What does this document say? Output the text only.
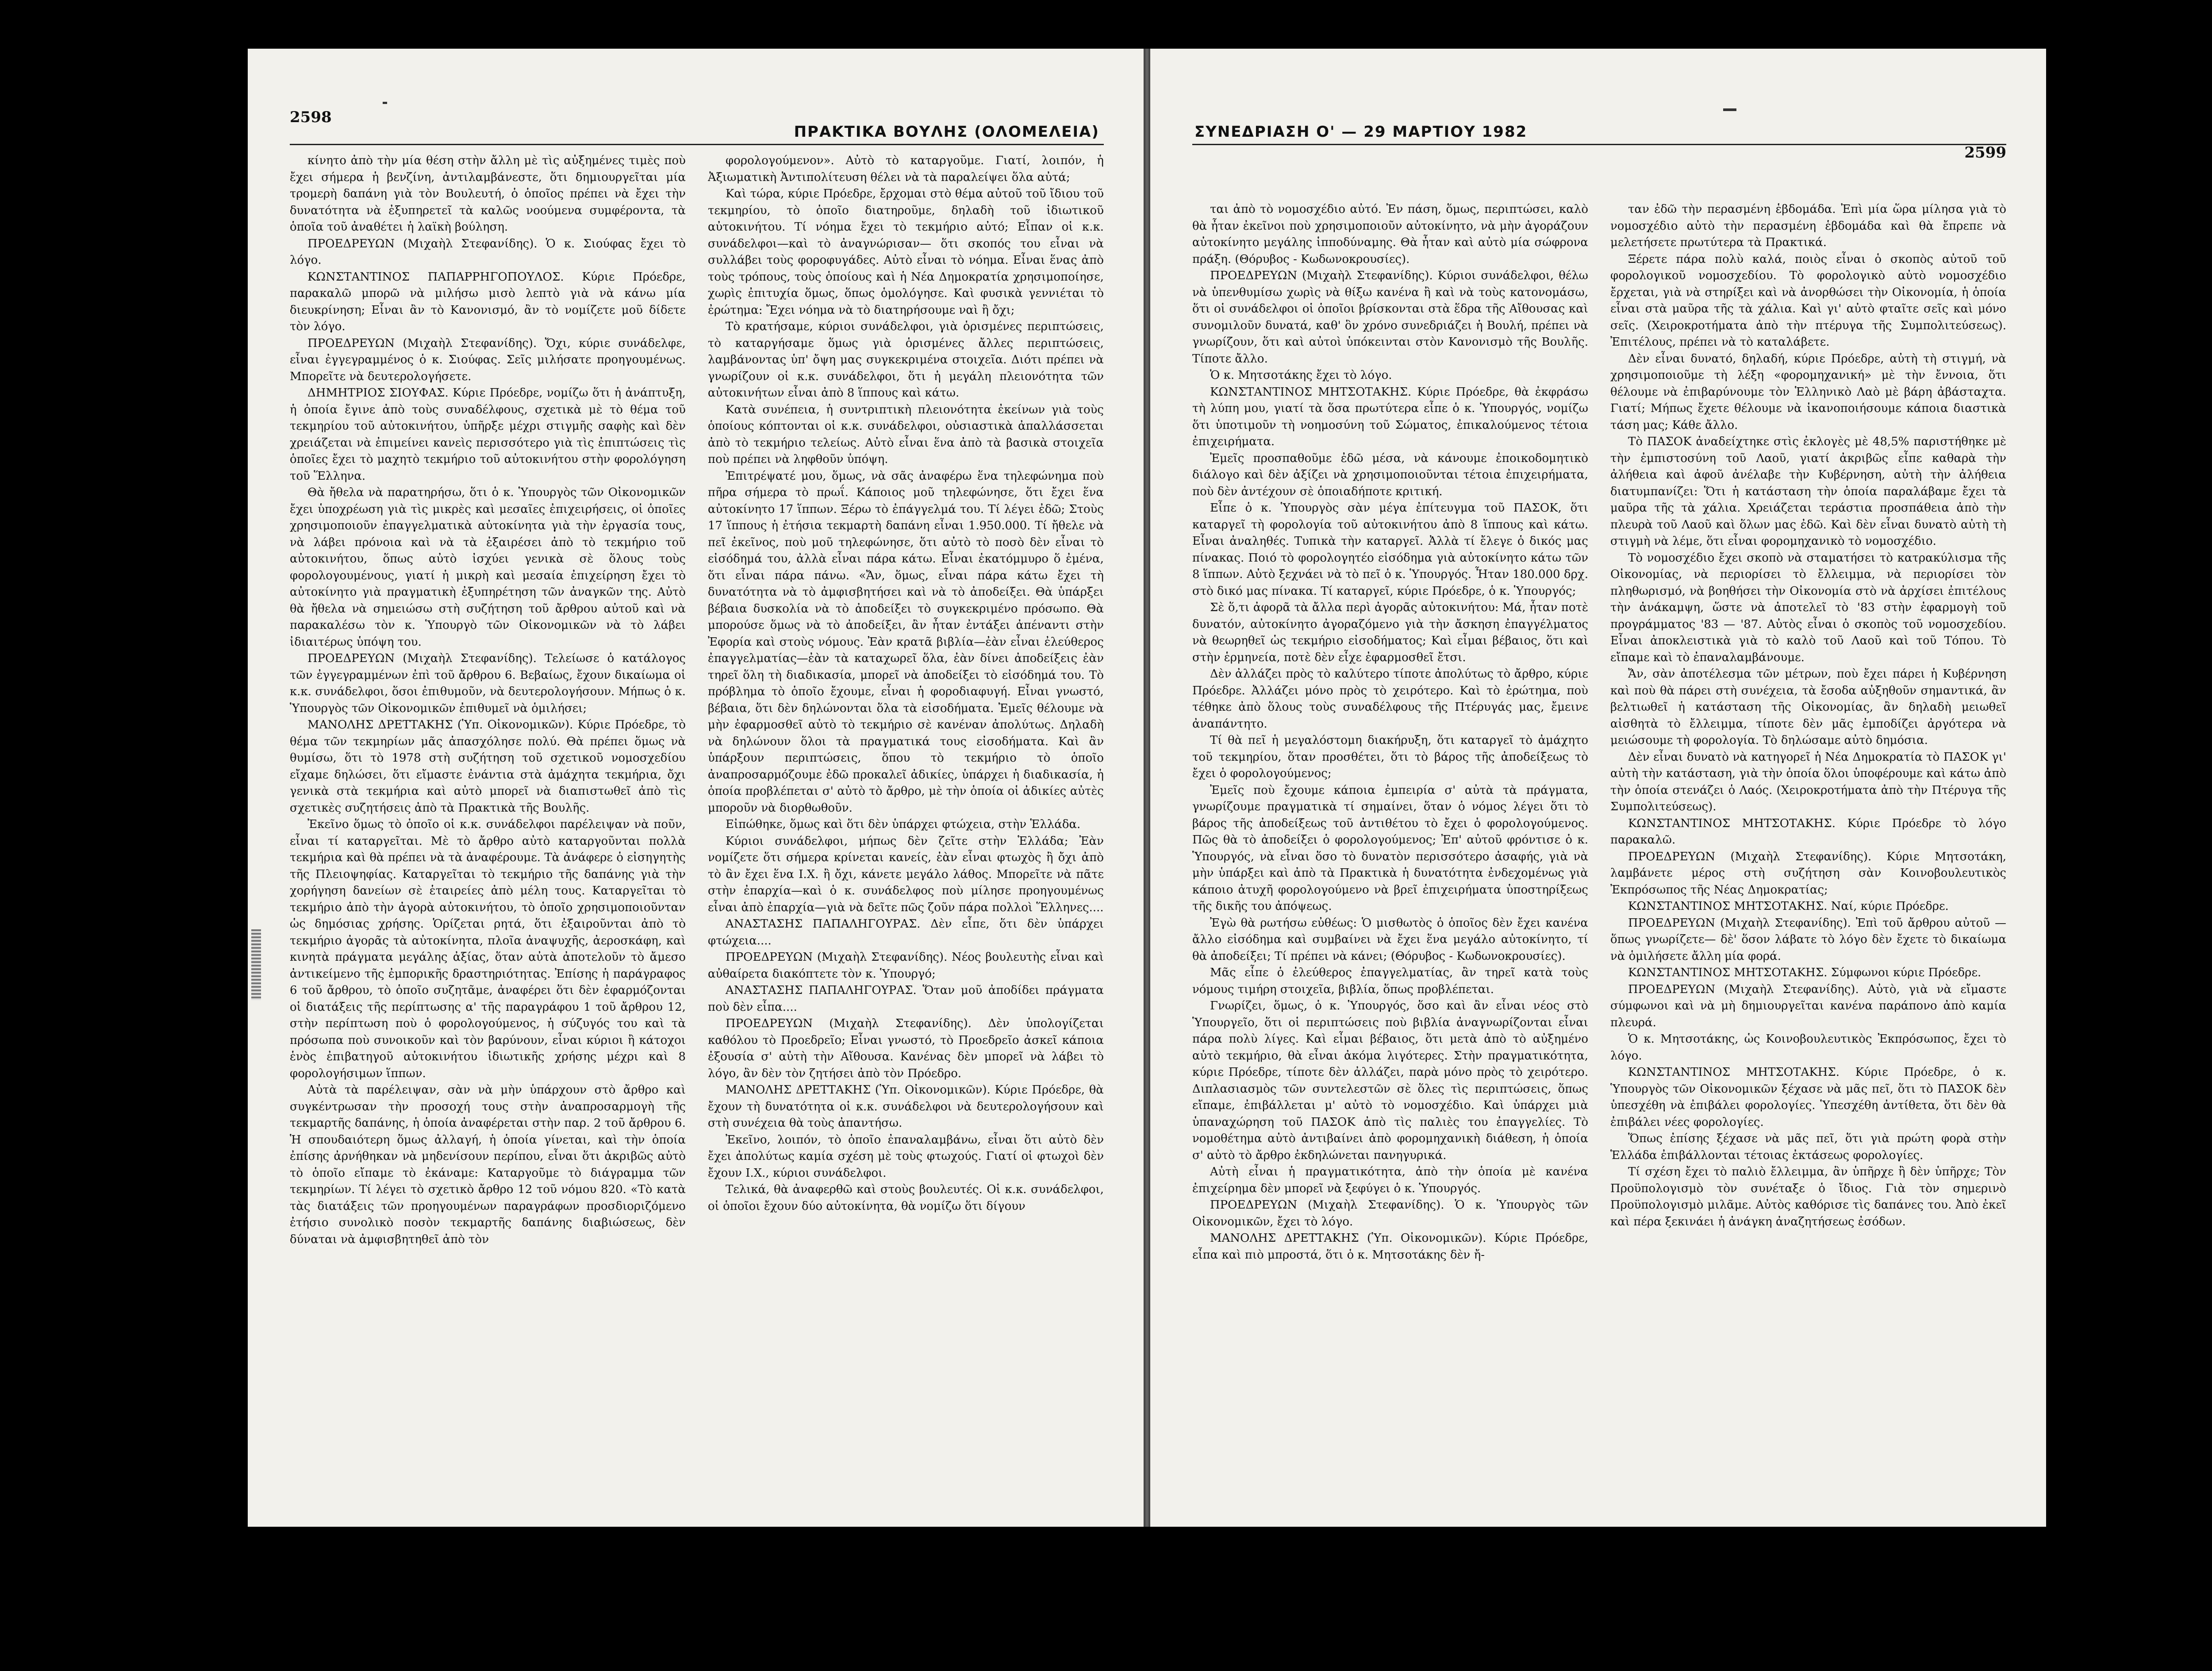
2598
ΠΡΑΚΤΙΚΑ ΒΟΥΛΗΣ (ΟΛΟΜΕΛΕΙΑ)

κίνητο ἀπὸ τὴν μία θέση στὴν ἄλλη μὲ τὶς αὐξημένες τιμὲς ποὺ ἔχει σήμερα ἡ βενζίνη, ἀντιλαμβάνεστε, ὅτι δημιουργεῖται μία τρομερὴ δαπάνη γιὰ τὸν Βουλευτή, ὁ ὁποῖος πρέπει νὰ ἔχει τὴν δυνατότητα νὰ ἐξυπηρετεῖ τὰ καλῶς νοούμενα συμφέροντα, τὰ ὁποῖα τοῦ ἀναθέτει ἡ λαϊκὴ βούληση.

ΠΡΟΕΔΡΕΥΩΝ (Μιχαὴλ Στεφανίδης). Ὁ κ. Σιούφας ἔχει τὸ λόγο.

ΚΩΝΣΤΑΝΤΙΝΟΣ ΠΑΠΑΡΡΗΓΟΠΟΥΛΟΣ. Κύριε Πρόεδρε, παρακαλῶ μπορῶ νὰ μιλήσω μισὸ λεπτὸ γιὰ νὰ κάνω μία διευκρίνηση; Εἶναι ἂν τὸ Κανονισμό, ἂν τὸ νομίζετε μοῦ δίδετε τὸν λόγο.

ΠΡΟΕΔΡΕΥΩΝ (Μιχαὴλ Στεφανίδης). Ὄχι, κύριε συνάδελφε, εἶναι ἐγγεγραμμένος ὁ κ. Σιούφας. Σεῖς μιλήσατε προηγουμένως. Μπορεῖτε νὰ δευτερολογήσετε.

ΔΗΜΗΤΡΙΟΣ ΣΙΟΥΦΑΣ. Κύριε Πρόεδρε, νομίζω ὅτι ἡ ἀνάπτυξη, ἡ ὁποία ἔγινε ἀπὸ τοὺς συναδέλφους, σχετικὰ μὲ τὸ θέμα τοῦ τεκμηρίου τοῦ αὐτοκινήτου, ὑπῆρξε μέχρι στιγμῆς σαφὴς καὶ δὲν χρειάζεται νὰ ἐπιμείνει κανεὶς περισσότερο γιὰ τὶς ἐπιπτώσεις τὶς ὁποῖες ἔχει τὸ μαχητὸ τεκμήριο τοῦ αὐτοκινήτου στὴν φορολόγηση τοῦ Ἕλληνα.

Θὰ ἤθελα νὰ παρατηρήσω, ὅτι ὁ κ. Ὑπουργὸς τῶν Οἰκονομικῶν ἔχει ὑποχρέωση γιὰ τὶς μικρὲς καὶ μεσαῖες ἐπιχειρήσεις, οἱ ὁποῖες χρησιμοποιοῦν ἐπαγγελματικὰ αὐτοκίνητα γιὰ τὴν ἐργασία τους, νὰ λάβει πρόνοια καὶ νὰ τὰ ἐξαιρέσει ἀπὸ τὸ τεκμήριο τοῦ αὐτοκινήτου, ὅπως αὐτὸ ἰσχύει γενικὰ σὲ ὅλους τοὺς φορολογουμένους, γιατί ἡ μικρὴ καὶ μεσαία ἐπιχείρηση ἔχει τὸ αὐτοκίνητο γιὰ πραγματικὴ ἐξυπηρέτηση τῶν ἀναγκῶν της. Αὐτὸ θὰ ἤθελα νὰ σημειώσω στὴ συζήτηση τοῦ ἄρθρου αὐτοῦ καὶ νὰ παρακαλέσω τὸν κ. Ὑπουργὸ τῶν Οἰκονομικῶν νὰ τὸ λάβει ἰδιαιτέρως ὑπόψη του.

ΠΡΟΕΔΡΕΥΩΝ (Μιχαὴλ Στεφανίδης). Τελείωσε ὁ κατάλογος τῶν ἐγγεγραμμένων ἐπὶ τοῦ ἄρθρου 6. Βεβαίως, ἔχουν δικαίωμα οἱ κ.κ. συνάδελφοι, ὅσοι ἐπιθυμοῦν, νὰ δευτερολογήσουν. Μήπως ὁ κ. Ὑπουργὸς τῶν Οἰκονομικῶν ἐπιθυμεῖ νὰ ὁμιλήσει;

ΜΑΝΟΛΗΣ ΔΡΕΤΤΑΚΗΣ (Ὑπ. Οἰκονομικῶν). Κύριε Πρόεδρε, τὸ θέμα τῶν τεκμηρίων μᾶς ἀπασχόλησε πολύ. Θὰ πρέπει ὅμως νὰ θυμίσω, ὅτι τὸ 1978 στὴ συζήτηση τοῦ σχετικοῦ νομοσχεδίου εἴχαμε δηλώσει, ὅτι εἴμαστε ἐνάντια στὰ ἀμάχητα τεκμήρια, ὄχι γενικὰ στὰ τεκμήρια καὶ αὐτὸ μπορεῖ νὰ διαπιστωθεῖ ἀπὸ τὶς σχετικὲς συζητήσεις ἀπὸ τὰ Πρακτικὰ τῆς Βουλῆς.

Ἐκεῖνο ὅμως τὸ ὁποῖο οἱ κ.κ. συνάδελφοι παρέλειψαν νὰ ποῦν, εἶναι τί καταργεῖται. Μὲ τὸ ἄρθρο αὐτὸ καταργοῦνται πολλὰ τεκμήρια καὶ θὰ πρέπει νὰ τὰ ἀναφέρουμε. Τὰ ἀνάφερε ὁ εἰσηγητὴς τῆς Πλειοψηφίας. Καταργεῖται τὸ τεκμήριο τῆς δαπάνης γιὰ τὴν χορήγηση δανείων σὲ ἑταιρείες ἀπὸ μέλη τους. Καταργεῖται τὸ τεκμήριο ἀπὸ τὴν ἀγορὰ αὐτοκινήτου, τὸ ὁποῖο χρησιμοποιοῦνταν ὡς δημόσιας χρήσης. Ὁρίζεται ρητά, ὅτι ἐξαιροῦνται ἀπὸ τὸ τεκμήριο ἀγορᾶς τὰ αὐτοκίνητα, πλοῖα ἀναψυχῆς, ἀεροσκάφη, καὶ κινητὰ πράγματα μεγάλης ἀξίας, ὅταν αὐτὰ ἀποτελοῦν τὸ ἄμεσο ἀντικείμενο τῆς ἐμπορικῆς δραστηριότητας. Ἐπίσης ἡ παράγραφος 6 τοῦ ἄρθρου, τὸ ὁποῖο συζητᾶμε, ἀναφέρει ὅτι δὲν ἐφαρμόζονται οἱ διατάξεις τῆς περίπτωσης α' τῆς παραγράφου 1 τοῦ ἄρθρου 12, στὴν περίπτωση ποὺ ὁ φορολογούμενος, ἡ σύζυγός του καὶ τὰ πρόσωπα ποὺ συνοικοῦν καὶ τὸν βαρύνουν, εἶναι κύριοι ἢ κάτοχοι ἑνὸς ἐπιβατηγοῦ αὐτοκινήτου ἰδιωτικῆς χρήσης μέχρι καὶ 8 φορολογήσιμων ἵππων.

Αὐτὰ τὰ παρέλειψαν, σὰν νὰ μὴν ὑπάρχουν στὸ ἄρθρο καὶ συγκέντρωσαν τὴν προσοχή τους στὴν ἀναπροσαρμογὴ τῆς τεκμαρτῆς δαπάνης, ἡ ὁποία ἀναφέρεται στὴν παρ. 2 τοῦ ἄρθρου 6. Ἡ σπουδαιότερη ὅμως ἀλλαγή, ἡ ὁποία γίνεται, καὶ τὴν ὁποία ἐπίσης ἀρνήθηκαν νὰ μηδενίσουν περίπου, εἶναι ὅτι ἀκριβῶς αὐτὸ τὸ ὁποῖο εἴπαμε τὸ ἐκάναμε: Καταργοῦμε τὸ διάγραμμα τῶν τεκμηρίων. Τί λέγει τὸ σχετικὸ ἄρθρο 12 τοῦ νόμου 820. «Τὸ κατὰ τὰς διατάξεις τῶν προηγουμένων παραγράφων προσδιοριζόμενο ἐτήσιο συνολικὸ ποσὸν τεκμαρτῆς δαπάνης διαβιώσεως, δὲν δύναται νὰ ἀμφισβητηθεῖ ἀπὸ τὸν

φορολογούμενον». Αὐτὸ τὸ καταργοῦμε. Γιατί, λοιπόν, ἡ Ἀξιωματικὴ Ἀντιπολίτευση θέλει νὰ τὰ παραλείψει ὅλα αὐτά;

Καὶ τώρα, κύριε Πρόεδρε, ἔρχομαι στὸ θέμα αὐτοῦ τοῦ ἴδιου τοῦ τεκμηρίου, τὸ ὁποῖο διατηροῦμε, δηλαδὴ τοῦ ἰδιωτικοῦ αὐτοκινήτου. Τί νόημα ἔχει τὸ τεκμήριο αὐτό; Εἶπαν οἱ κ.κ. συνάδελφοι—καὶ τὸ ἀναγνώρισαν— ὅτι σκοπός του εἶναι νὰ συλλάβει τοὺς φοροφυγάδες. Αὐτὸ εἶναι τὸ νόημα. Εἶναι ἕνας ἀπὸ τοὺς τρόπους, τοὺς ὁποίους καὶ ἡ Νέα Δημοκρατία χρησιμοποίησε, χωρὶς ἐπιτυχία ὅμως, ὅπως ὁμολόγησε. Καὶ φυσικὰ γεννιέται τὸ ἐρώτημα: Ἔχει νόημα νὰ τὸ διατηρήσουμε ναὶ ἢ ὄχι;

Τὸ κρατήσαμε, κύριοι συνάδελφοι, γιὰ ὁρισμένες περιπτώσεις, τὸ καταργήσαμε ὅμως γιὰ ὁρισμένες ἄλλες περιπτώσεις, λαμβάνοντας ὑπ' ὄψη μας συγκεκριμένα στοιχεῖα. Διότι πρέπει νὰ γνωρίζουν οἱ κ.κ. συνάδελφοι, ὅτι ἡ μεγάλη πλειονότητα τῶν αὐτοκινήτων εἶναι ἀπὸ 8 ἵππους καὶ κάτω.

Κατὰ συνέπεια, ἡ συντριπτικὴ πλειονότητα ἐκείνων γιὰ τοὺς ὁποίους κόπτονται οἱ κ.κ. συνάδελφοι, οὐσιαστικὰ ἀπαλλάσσεται ἀπὸ τὸ τεκμήριο τελείως. Αὐτὸ εἶναι ἕνα ἀπὸ τὰ βασικὰ στοιχεῖα ποὺ πρέπει νὰ ληφθοῦν ὑπόψη.

Ἐπιτρέψατέ μου, ὅμως, νὰ σᾶς ἀναφέρω ἕνα τηλεφώνημα ποὺ πῆρα σήμερα τὸ πρωΐ. Κάποιος μοῦ τηλεφώνησε, ὅτι ἔχει ἕνα αὐτοκίνητο 17 ἵππων. Ξέρω τὸ ἐπάγγελμά του. Τί λέγει ἐδῶ; Στοὺς 17 ἵππους ἡ ἐτήσια τεκμαρτὴ δαπάνη εἶναι 1.950.000. Τί ἤθελε νὰ πεῖ ἐκεῖνος, ποὺ μοῦ τηλεφώνησε, ὅτι αὐτὸ τὸ ποσὸ δὲν εἶναι τὸ εἰσόδημά του, ἀλλὰ εἶναι πάρα κάτω. Εἶναι ἐκατόμμυρο ὅ ἐμένα, ὅτι εἶναι πάρα πάνω. «Ἄν, ὅμως, εἶναι πάρα κάτω ἔχει τὴ δυνατότητα νὰ τὸ ἀμφισβητήσει καὶ νὰ τὸ ἀποδείξει. Θὰ ὑπάρξει βέβαια δυσκολία νὰ τὸ ἀποδείξει τὸ συγκεκριμένο πρόσωπο. Θὰ μπορούσε ὅμως νὰ τὸ ἀποδείξει, ἂν ἦταν ἐντάξει ἀπέναντι στὴν Ἐφορία καὶ στοὺς νόμους. Ἐὰν κρατᾶ βιβλία—ἐὰν εἶναι ἐλεύθερος ἐπαγγελματίας—ἐὰν τὰ καταχωρεῖ ὅλα, ἐὰν δίνει ἀποδείξεις ἐὰν τηρεῖ ὅλη τὴ διαδικασία, μπορεῖ νὰ ἀποδείξει τὸ εἰσόδημά του. Τὸ πρόβλημα τὸ ὁποῖο ἔχουμε, εἶναι ἡ φοροδιαφυγή. Εἶναι γνωστό, βέβαια, ὅτι δὲν δηλώνονται ὅλα τὰ εἰσοδήματα. Ἐμεῖς θέλουμε νὰ μὴν ἐφαρμοσθεῖ αὐτὸ τὸ τεκμήριο σὲ κανέναν ἀπολύτως. Δηλαδὴ νὰ δηλώνουν ὅλοι τὰ πραγματικά τους εἰσοδήματα. Καὶ ἂν ὑπάρξουν περιπτώσεις, ὅπου τὸ τεκμήριο τὸ ὁποῖο ἀναπροσαρμόζουμε ἐδῶ προκαλεῖ ἀδικίες, ὑπάρχει ἡ διαδικασία, ἡ ὁποία προβλέπεται σ' αὐτὸ τὸ ἄρθρο, μὲ τὴν ὁποία οἱ ἀδικίες αὐτὲς μποροῦν νὰ διορθωθοῦν.

Εἰπώθηκε, ὅμως καὶ ὅτι δὲν ὑπάρχει φτώχεια, στὴν Ἑλλάδα.

Κύριοι συνάδελφοι, μήπως δὲν ζεῖτε στὴν Ἑλλάδα; Ἐὰν νομίζετε ὅτι σήμερα κρίνεται κανείς, ἐὰν εἶναι φτωχὸς ἢ ὄχι ἀπὸ τὸ ἂν ἔχει ἕνα Ι.Χ. ἢ ὄχι, κάνετε μεγάλο λάθος. Μπορεῖτε νὰ πᾶτε στὴν ἐπαρχία—καὶ ὁ κ. συνάδελφος ποὺ μίλησε προηγουμένως εἶναι ἀπὸ ἐπαρχία—γιὰ νὰ δεῖτε πῶς ζοῦν πάρα πολλοὶ Ἕλληνες....

ΑΝΑΣΤΑΣΗΣ ΠΑΠΑΛΗΓΟΥΡΑΣ. Δὲν εἶπε, ὅτι δὲν ὑπάρχει φτώχεια....

ΠΡΟΕΔΡΕΥΩΝ (Μιχαὴλ Στεφανίδης). Νέος βουλευτὴς εἶναι καὶ αὐθαίρετα διακόπτετε τὸν κ. Ὑπουργό;

ΑΝΑΣΤΑΣΗΣ ΠΑΠΑΛΗΓΟΥΡΑΣ. Ὅταν μοῦ ἀποδίδει πράγματα ποὺ δὲν εἶπα....

ΠΡΟΕΔΡΕΥΩΝ (Μιχαὴλ Στεφανίδης). Δὲν ὑπολογίζεται καθόλου τὸ Προεδρεῖο; Εἶναι γνωστό, τὸ Προεδρεῖο ἀσκεῖ κάποια ἐξουσία σ' αὐτὴ τὴν Αἴθουσα. Κανένας δὲν μπορεῖ νὰ λάβει τὸ λόγο, ἂν δὲν τὸν ζητήσει ἀπὸ τὸν Πρόεδρο.

ΜΑΝΟΛΗΣ ΔΡΕΤΤΑΚΗΣ (Ὑπ. Οἰκονομικῶν). Κύριε Πρόεδρε, θὰ ἔχουν τὴ δυνατότητα οἱ κ.κ. συνάδελφοι νὰ δευτερολογήσουν καὶ στὴ συνέχεια θὰ τοὺς ἀπαντήσω.

Ἐκεῖνο, λοιπόν, τὸ ὁποῖο ἐπαναλαμβάνω, εἶναι ὅτι αὐτὸ δὲν ἔχει ἀπολύτως καμία σχέση μὲ τοὺς φτωχούς. Γιατί οἱ φτωχοὶ δὲν ἔχουν Ι.Χ., κύριοι συνάδελφοι.

Τελικά, θὰ ἀναφερθῶ καὶ στοὺς βουλευτές. Οἱ κ.κ. συνάδελφοι, οἱ ὁποῖοι ἔχουν δύο αὐτοκίνητα, θὰ νομίζω ὅτι δίγουν

ΣΥΝΕΔΡΙΑΣΗ Ο' — 29 ΜΑΡΤΙΟΥ 1982
2599

ται ἀπὸ τὸ νομοσχέδιο αὐτό. Ἐν πάση, ὅμως, περιπτώσει, καλὸ θὰ ἦταν ἐκεῖνοι ποὺ χρησιμοποιοῦν αὐτοκίνητο, νὰ μὴν ἀγοράζουν αὐτοκίνητο μεγάλης ἱπποδύναμης. Θὰ ἦταν καὶ αὐτὸ μία σώφρονα πράξη. (Θόρυβος - Κωδωνοκρουσίες).

ΠΡΟΕΔΡΕΥΩΝ (Μιχαὴλ Στεφανίδης). Κύριοι συνάδελφοι, θέλω νὰ ὑπενθυμίσω χωρὶς νὰ θίξω κανένα ἢ καὶ νὰ τοὺς κατονομάσω, ὅτι οἱ συνάδελφοι οἱ ὁποῖοι βρίσκονται στὰ ἕδρα τῆς Αἴθουσας καὶ συνομιλοῦν δυνατά, καθ' ὃν χρόνο συνεδριάζει ἡ Βουλή, πρέπει νὰ γνωρίζουν, ὅτι καὶ αὐτοὶ ὑπόκεινται στὸν Κανονισμὸ τῆς Βουλῆς. Τίποτε ἄλλο.

Ὁ κ. Μητσοτάκης ἔχει τὸ λόγο.

ΚΩΝΣΤΑΝΤΙΝΟΣ ΜΗΤΣΟΤΑΚΗΣ. Κύριε Πρόεδρε, θὰ ἐκφράσω τὴ λύπη μου, γιατί τὰ ὅσα πρωτύτερα εἶπε ὁ κ. Ὑπουργός, νομίζω ὅτι ὑποτιμοῦν τὴ νοημοσύνη τοῦ Σώματος, ἐπικαλούμενος τέτοια ἐπιχειρήματα.

Ἐμεῖς προσπαθοῦμε ἐδῶ μέσα, νὰ κάνουμε ἐποικοδομητικὸ διάλογο καὶ δὲν ἀξίζει νὰ χρησιμοποιοῦνται τέτοια ἐπιχειρήματα, ποὺ δὲν ἀντέχουν σὲ ὁποιαδήποτε κριτική.

Εἶπε ὁ κ. Ὑπουργὸς σὰν μέγα ἐπίτευγμα τοῦ ΠΑΣΟΚ, ὅτι καταργεῖ τὴ φορολογία τοῦ αὐτοκινήτου ἀπὸ 8 ἵππους καὶ κάτω. Εἶναι ἀναληθές. Τυπικὰ τὴν καταργεῖ. Ἀλλὰ τί ἔλεγε ὁ δικός μας πίνακας. Ποιό τὸ φορολογητέο εἰσόδημα γιὰ αὐτοκίνητο κάτω τῶν 8 ἵππων. Αὐτὸ ξεχνάει νὰ τὸ πεῖ ὁ κ. Ὑπουργός. Ἦταν 180.000 δρχ. στὸ δικό μας πίνακα. Τί καταργεῖ, κύριε Πρόεδρε, ὁ κ. Ὑπουργός;

Σὲ ὅ,τι ἀφορᾶ τὰ ἄλλα περὶ ἀγορᾶς αὐτοκινήτου: Μά, ἦταν ποτὲ δυνατόν, αὐτοκίνητο ἀγοραζόμενο γιὰ τὴν ἄσκηση ἐπαγγέλματος νὰ θεωρηθεῖ ὡς τεκμήριο εἰσοδήματος; Καὶ εἶμαι βέβαιος, ὅτι καὶ στὴν ἑρμηνεία, ποτὲ δὲν εἶχε ἐφαρμοσθεῖ ἔτσι.

Δὲν ἀλλάζει πρὸς τὸ καλύτερο τίποτε ἀπολύτως τὸ ἄρθρο, κύριε Πρόεδρε. Ἀλλάζει μόνο πρὸς τὸ χειρότερο. Καὶ τὸ ἐρώτημα, ποὺ τέθηκε ἀπὸ ὅλους τοὺς συναδέλφους τῆς Πτέρυγάς μας, ἔμεινε ἀναπάντητο.

Τί θὰ πεῖ ἡ μεγαλόστομη διακήρυξη, ὅτι καταργεῖ τὸ ἀμάχητο τοῦ τεκμηρίου, ὅταν προσθέτει, ὅτι τὸ βάρος τῆς ἀποδείξεως τὸ ἔχει ὁ φορολογούμενος;

Ἐμεῖς ποὺ ἔχουμε κάποια ἐμπειρία σ' αὐτὰ τὰ πράγματα, γνωρίζουμε πραγματικὰ τί σημαίνει, ὅταν ὁ νόμος λέγει ὅτι τὸ βάρος τῆς ἀποδείξεως τοῦ ἀντιθέτου τὸ ἔχει ὁ φορολογούμενος. Πῶς θὰ τὸ ἀποδείξει ὁ φορολογούμενος; Ἐπ' αὐτοῦ φρόντισε ὁ κ. Ὑπουργός, νὰ εἶναι ὅσο τὸ δυνατὸν περισσότερο ἀσαφής, γιὰ νὰ μὴν ὑπάρξει καὶ ἀπὸ τὰ Πρακτικὰ ἡ δυνατότητα ἐνδεχομένως γιὰ κάποιο ἀτυχῆ φορολογούμενο νὰ βρεῖ ἐπιχειρήματα ὑποστηρίξεως τῆς δικῆς του ἀπόψεως.

Ἐγὼ θὰ ρωτήσω εὐθέως: Ὁ μισθωτὸς ὁ ὁποῖος δὲν ἔχει κανένα ἄλλο εἰσόδημα καὶ συμβαίνει νὰ ἔχει ἕνα μεγάλο αὐτοκίνητο, τί θὰ ἀποδείξει; Τί πρέπει νὰ κάνει; (Θόρυβος - Κωδωνοκρουσίες).

Μᾶς εἶπε ὁ ἐλεύθερος ἐπαγγελματίας, ἂν τηρεῖ κατὰ τοὺς νόμους τιμήρη στοιχεῖα, βιβλία, ὅπως προβλέπεται.

Γνωρίζει, ὅμως, ὁ κ. Ὑπουργός, ὅσο καὶ ἂν εἶναι νέος στὸ Ὑπουργεῖο, ὅτι οἱ περιπτώσεις ποὺ βιβλία ἀναγνωρίζονται εἶναι πάρα πολὺ λίγες. Καὶ εἶμαι βέβαιος, ὅτι μετὰ ἀπὸ τὸ αὐξημένο αὐτὸ τεκμήριο, θὰ εἶναι ἀκόμα λιγότερες. Στὴν πραγματικότητα, κύριε Πρόεδρε, τίποτε δὲν ἀλλάζει, παρὰ μόνο πρὸς τὸ χειρότερο. Διπλασιασμὸς τῶν συντελεστῶν σὲ ὅλες τὶς περιπτώσεις, ὅπως εἴπαμε, ἐπιβάλλεται μ' αὐτὸ τὸ νομοσχέδιο. Καὶ ὑπάρχει μιὰ ὑπαναχώρηση τοῦ ΠΑΣΟΚ ἀπὸ τὶς παλιὲς του ἐπαγγελίες. Τὸ νομοθέτημα αὐτὸ ἀντιβαίνει ἀπὸ φορομηχανικὴ διάθεση, ἡ ὁποία σ' αὐτὸ τὸ ἄρθρο ἐκδηλώνεται πανηγυρικά.

Αὐτὴ εἶναι ἡ πραγματικότητα, ἀπὸ τὴν ὁποία μὲ κανένα ἐπιχείρημα δὲν μπορεῖ νὰ ξεφύγει ὁ κ. Ὑπουργός.

ΠΡΟΕΔΡΕΥΩΝ (Μιχαὴλ Στεφανίδης). Ὁ κ. Ὑπουργὸς τῶν Οἰκονομικῶν, ἔχει τὸ λόγο.

ΜΑΝΟΛΗΣ ΔΡΕΤΤΑΚΗΣ (Ὑπ. Οἰκονομικῶν). Κύριε Πρόεδρε, εἶπα καὶ πιὸ μπροστά, ὅτι ὁ κ. Μητσοτάκης δὲν ἤ-

ταν ἐδῶ τὴν περασμένη ἑβδομάδα. Ἐπὶ μία ὥρα μίλησα γιὰ τὸ νομοσχέδιο αὐτὸ τὴν περασμένη ἑβδομάδα καὶ θὰ ἔπρεπε νὰ μελετήσετε πρωτύτερα τὰ Πρακτικά.

Ξέρετε πάρα πολὺ καλά, ποιὸς εἶναι ὁ σκοπὸς αὐτοῦ τοῦ φορολογικοῦ νομοσχεδίου. Τὸ φορολογικὸ αὐτὸ νομοσχέδιο ἔρχεται, γιὰ νὰ στηρίξει καὶ νὰ ἀνορθώσει τὴν Οἰκονομία, ἡ ὁποία εἶναι στὰ μαῦρα τῆς τὰ χάλια. Καὶ γι' αὐτὸ φταῖτε σεῖς καὶ μόνο σεῖς. (Χειροκροτήματα ἀπὸ τὴν πτέρυγα τῆς Συμπολιτεύσεως). Ἐπιτέλους, πρέπει νὰ τὸ καταλάβετε.

Δὲν εἶναι δυνατό, δηλαδή, κύριε Πρόεδρε, αὐτὴ τὴ στιγμή, νὰ χρησιμοποιοῦμε τὴ λέξη «φορομηχανική» μὲ τὴν ἔννοια, ὅτι θέλουμε νὰ ἐπιβαρύνουμε τὸν Ἑλληνικὸ Λαὸ μὲ βάρη ἀβάσταχτα. Γιατί; Μήπως ἔχετε θέλουμε νὰ ἱκανοποιήσουμε κάποια διαστικὰ τάση μας; Κάθε ἄλλο.

Τὸ ΠΑΣΟΚ ἀναδείχτηκε στὶς ἐκλογὲς μὲ 48,5% παριστήθηκε μὲ τὴν ἐμπιστοσύνη τοῦ Λαοῦ, γιατί ἀκριβῶς εἶπε καθαρὰ τὴν ἀλήθεια καὶ ἀφοῦ ἀνέλαβε τὴν Κυβέρνηση, αὐτὴ τὴν ἀλήθεια διατυμπανίζει: Ὅτι ἡ κατάσταση τὴν ὁποία παραλάβαμε ἔχει τὰ μαῦρα τῆς τὰ χάλια. Χρειάζεται τεράστια προσπάθεια ἀπὸ τὴν πλευρὰ τοῦ Λαοῦ καὶ ὅλων μας ἐδῶ. Καὶ δὲν εἶναι δυνατὸ αὐτὴ τὴ στιγμὴ νὰ λέμε, ὅτι εἶναι φορομηχανικὸ τὸ νομοσχέδιο.

Τὸ νομοσχέδιο ἔχει σκοπὸ νὰ σταματήσει τὸ κατρακύλισμα τῆς Οἰκονομίας, νὰ περιορίσει τὸ ἔλλειμμα, νὰ περιορίσει τὸν πληθωρισμό, νὰ βοηθήσει τὴν Οἰκονομία στὸ νὰ ἀρχίσει ἐπιτέλους τὴν ἀνάκαμψη, ὥστε νὰ ἀποτελεῖ τὸ '83 στὴν ἐφαρμογὴ τοῦ προγράμματος '83 — '87. Αὐτὸς εἶναι ὁ σκοπὸς τοῦ νομοσχεδίου. Εἶναι ἀποκλειστικὰ γιὰ τὸ καλὸ τοῦ Λαοῦ καὶ τοῦ Τόπου. Τὸ εἴπαμε καὶ τὸ ἐπαναλαμβάνουμε.

Ἄν, σὰν ἀποτέλεσμα τῶν μέτρων, ποὺ ἔχει πάρει ἡ Κυβέρνηση καὶ ποὺ θὰ πάρει στὴ συνέχεια, τὰ ἔσοδα αὐξηθοῦν σημαντικά, ἂν βελτιωθεῖ ἡ κατάσταση τῆς Οἰκονομίας, ἂν δηλαδὴ μειωθεῖ αἰσθητὰ τὸ ἔλλειμμα, τίποτε δὲν μᾶς ἐμποδίζει ἀργότερα νὰ μειώσουμε τὴ φορολογία. Τὸ δηλώσαμε αὐτὸ δημόσια.

Δὲν εἶναι δυνατὸ νὰ κατηγορεῖ ἡ Νέα Δημοκρατία τὸ ΠΑΣΟΚ γι' αὐτὴ τὴν κατάσταση, γιὰ τὴν ὁποία ὅλοι ὑποφέρουμε καὶ κάτω ἀπὸ τὴν ὁποία στενάζει ὁ Λαός. (Χειροκροτήματα ἀπὸ τὴν Πτέρυγα τῆς Συμπολιτεύσεως).

ΚΩΝΣΤΑΝΤΙΝΟΣ ΜΗΤΣΟΤΑΚΗΣ. Κύριε Πρόεδρε τὸ λόγο παρακαλῶ.

ΠΡΟΕΔΡΕΥΩΝ (Μιχαὴλ Στεφανίδης). Κύριε Μητσοτάκη, λαμβάνετε μέρος στὴ συζήτηση σὰν Κοινοβουλευτικὸς Ἐκπρόσωπος τῆς Νέας Δημοκρατίας;

ΚΩΝΣΤΑΝΤΙΝΟΣ ΜΗΤΣΟΤΑΚΗΣ. Ναί, κύριε Πρόεδρε.

ΠΡΟΕΔΡΕΥΩΝ (Μιχαὴλ Στεφανίδης). Ἐπὶ τοῦ ἄρθρου αὐτοῦ —ὅπως γνωρίζετε— δὲ' ὅσον λάβατε τὸ λόγο δὲν ἔχετε τὸ δικαίωμα νὰ ὁμιλήσετε ἄλλη μία φορά.

ΚΩΝΣΤΑΝΤΙΝΟΣ ΜΗΤΣΟΤΑΚΗΣ. Σύμφωνοι κύριε Πρόεδρε.

ΠΡΟΕΔΡΕΥΩΝ (Μιχαὴλ Στεφανίδης). Αὐτὸ, γιὰ νὰ εἴμαστε σύμφωνοι καὶ νὰ μὴ δημιουργεῖται κανένα παράπονο ἀπὸ καμία πλευρά.

Ὁ κ. Μητσοτάκης, ὡς Κοινοβουλευτικὸς Ἐκπρόσωπος, ἔχει τὸ λόγο.

ΚΩΝΣΤΑΝΤΙΝΟΣ ΜΗΤΣΟΤΑΚΗΣ. Κύριε Πρόεδρε, ὁ κ. Ὑπουργὸς τῶν Οἰκονομικῶν ξέχασε νὰ μᾶς πεῖ, ὅτι τὸ ΠΑΣΟΚ δὲν ὑπεσχέθη νὰ ἐπιβάλει φορολογίες. Ὑπεσχέθη ἀντίθετα, ὅτι δὲν θὰ ἐπιβάλει νέες φορολογίες.

Ὅπως ἐπίσης ξέχασε νὰ μᾶς πεῖ, ὅτι γιὰ πρώτη φορὰ στὴν Ἑλλάδα ἐπιβάλλονται τέτοιας ἐκτάσεως φορολογίες.

Τί σχέση ἔχει τὸ παλιὸ ἔλλειμμα, ἂν ὑπῆρχε ἢ δὲν ὑπῆρχε; Τὸν Προϋπολογισμὸ τὸν συνέταξε ὁ ἴδιος. Γιὰ τὸν σημερινὸ Προϋπολογισμὸ μιλᾶμε. Αὐτὸς καθόρισε τὶς δαπάνες του. Ἀπὸ ἐκεῖ καὶ πέρα ξεκινάει ἡ ἀνάγκη ἀναζητήσεως ἐσόδων.
